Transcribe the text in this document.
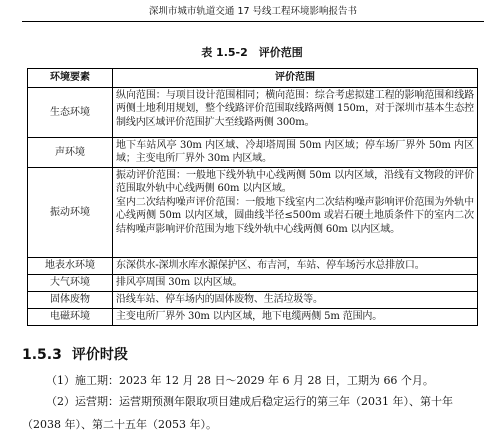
深圳市城市轨道交通 17 号线工程环境影响报告书
表 1.5-2　评价范围
环境要素	评价范围
生态环境	纵向范围：与项目设计范围相同；横向范围：综合考虑拟建工程的影响范围和线路两侧土地利用规划，整个线路评价范围取线路两侧 150m，对于深圳市基本生态控制线内区域评价范围扩大至线路两侧 300m。
声环境	地下车站风亭 30m 内区域、冷却塔周围 50m 内区域；停车场厂界外 50m 内区域；主变电所厂界外 30m 内区域。
振动环境	振动评价范围：一般地下线外轨中心线两侧 50m 以内区域，沿线有文物段的评价范围取外轨中心线两侧 60m 以内区域。
室内二次结构噪声评价范围：一般地下线室内二次结构噪声影响评价范围为外轨中心线两侧 50m 以内区域，圆曲线半径≤500m 或岩石硬土地质条件下的室内二次结构噪声影响评价范围为地下线外轨中心线两侧 60m 以内区域。
地表水环境	东深供水-深圳水库水源保护区、布吉河，车站、停车场污水总排放口。
大气环境	排风亭周围 30m 以内区域。
固体废物	沿线车站、停车场内的固体废物、生活垃圾等。
电磁环境	主变电所厂界外 30m 以内区域，地下电缆两侧 5m 范围内。
1.5.3 评价时段
（1）施工期：2023 年 12 月 28 日～2029 年 6 月 28 日，工期为 66 个月。
（2）运营期：运营期预测年限取项目建成后稳定运行的第三年（2031 年）、第十年（2038 年）、第二十五年（2053 年）。
